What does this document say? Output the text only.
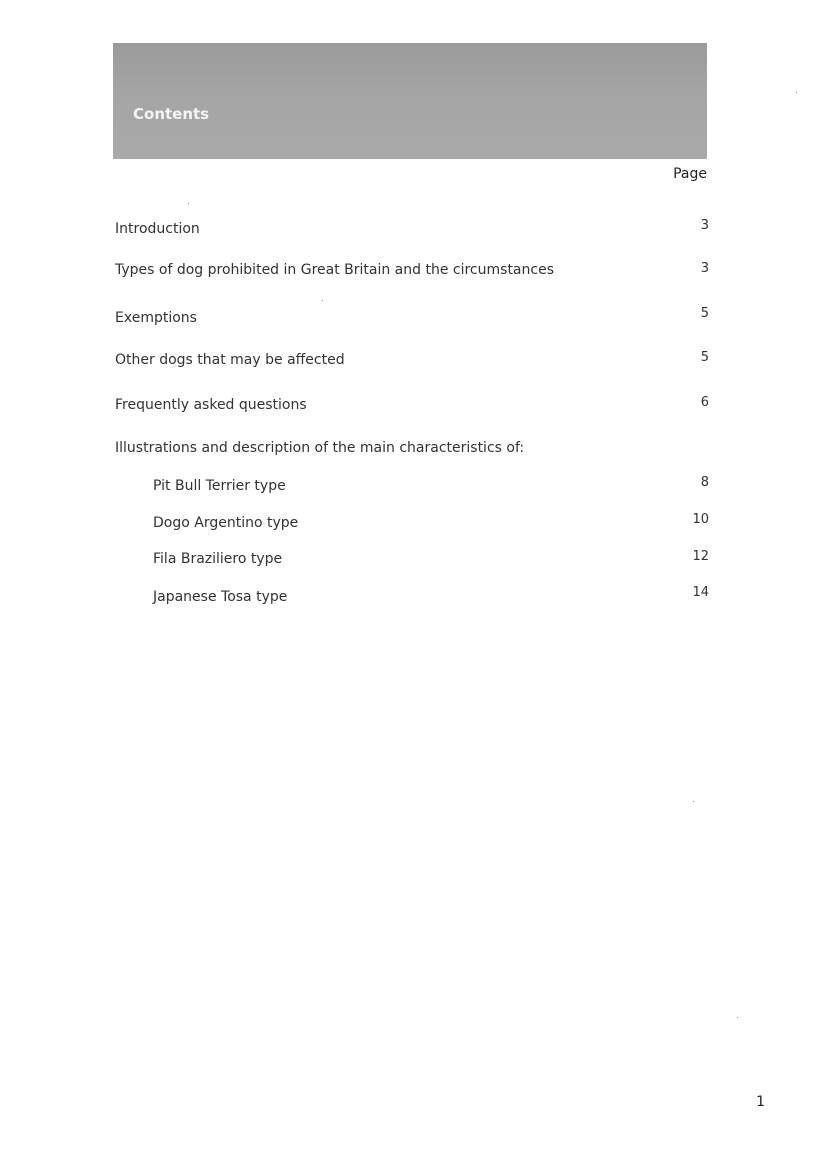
Contents
Page
Introduction	3
Types of dog prohibited in Great Britain and the circumstances	3
Exemptions	5
Other dogs that may be affected	5
Frequently asked questions	6
Illustrations and description of the main characteristics of:
Pit Bull Terrier type	8
Dogo Argentino type	10
Fila Braziliero type	12
Japanese Tosa type	14
1
